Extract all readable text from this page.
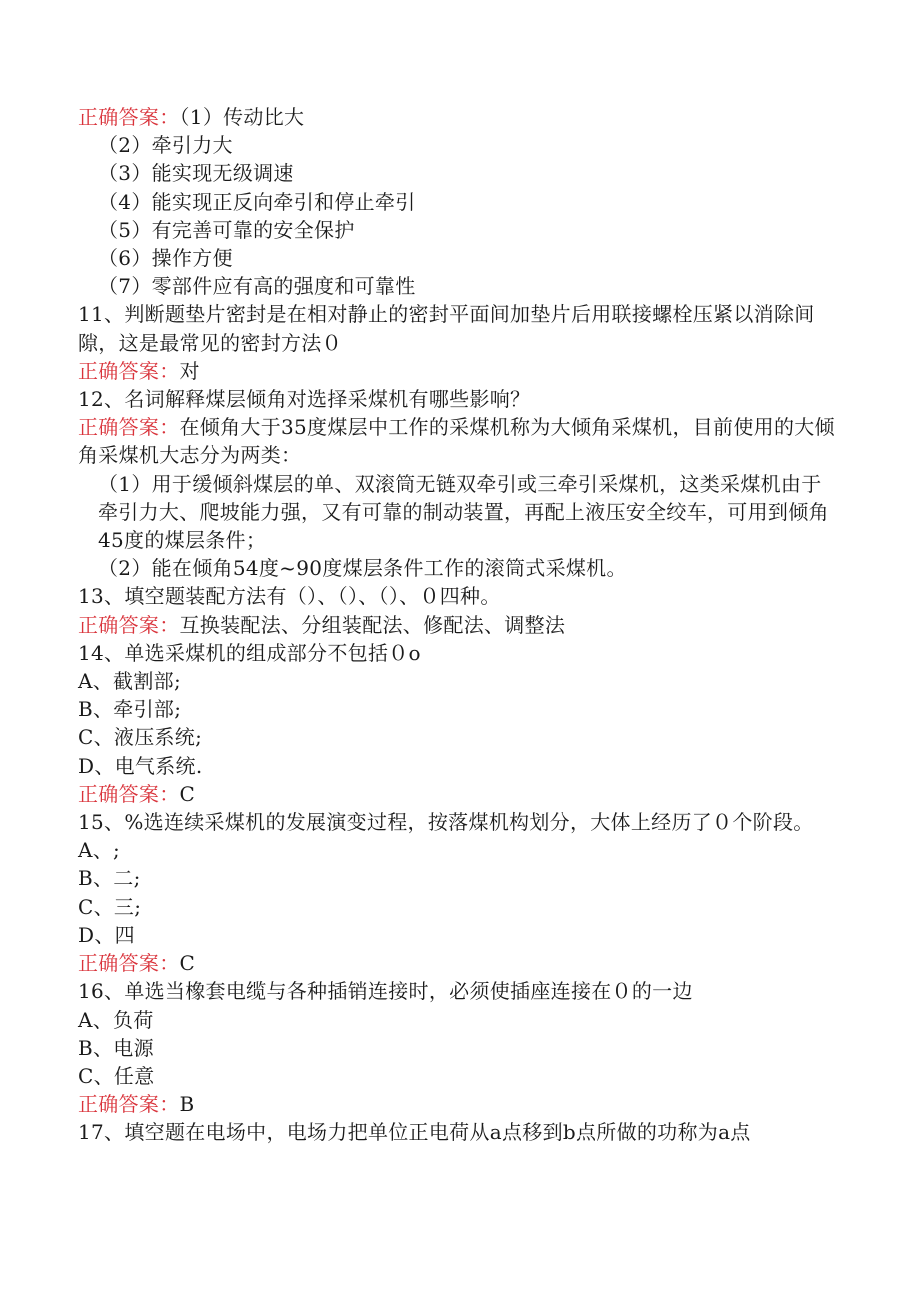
正确答案：（1）传动比大
（2）牵引力大
（3）能实现无级调速
（4）能实现正反向牵引和停止牵引
（5）有完善可靠的安全保护
（6）操作方便
（7）零部件应有高的强度和可靠性
11、判断题垫片密封是在相对静止的密封平面间加垫片后用联接螺栓压紧以消除间隙，这是最常见的密封方法０
正确答案：对
12、名词解释煤层倾角对选择采煤机有哪些影响？
正确答案：在倾角大于35度煤层中工作的采煤机称为大倾角采煤机，目前使用的大倾角采煤机大志分为两类：
（1）用于缓倾斜煤层的单、双滚筒无链双牵引或三牵引采煤机，这类采煤机由于牵引力大、爬坡能力强，又有可靠的制动装置，再配上液压安全绞车，可用到倾角45度的煤层条件；
（2）能在倾角54度~90度煤层条件工作的滚筒式采煤机。
13、填空题装配方法有（）、（）、（）、０四种。
正确答案：互换装配法、分组装配法、修配法、调整法
14、单选采煤机的组成部分不包括０o
A、截割部;
B、牵引部;
C、液压系统;
D、电气系统.
正确答案：C
15、%选连续采煤机的发展演变过程，按落煤机构划分，大体上经历了０个阶段。
A、;
B、二;
C、三;
D、四
正确答案：C
16、单选当橡套电缆与各种插销连接时，必须使插座连接在０的一边
A、负荷
B、电源
C、任意
正确答案：B
17、填空题在电场中，电场力把单位正电荷从a点移到b点所做的功称为a点
